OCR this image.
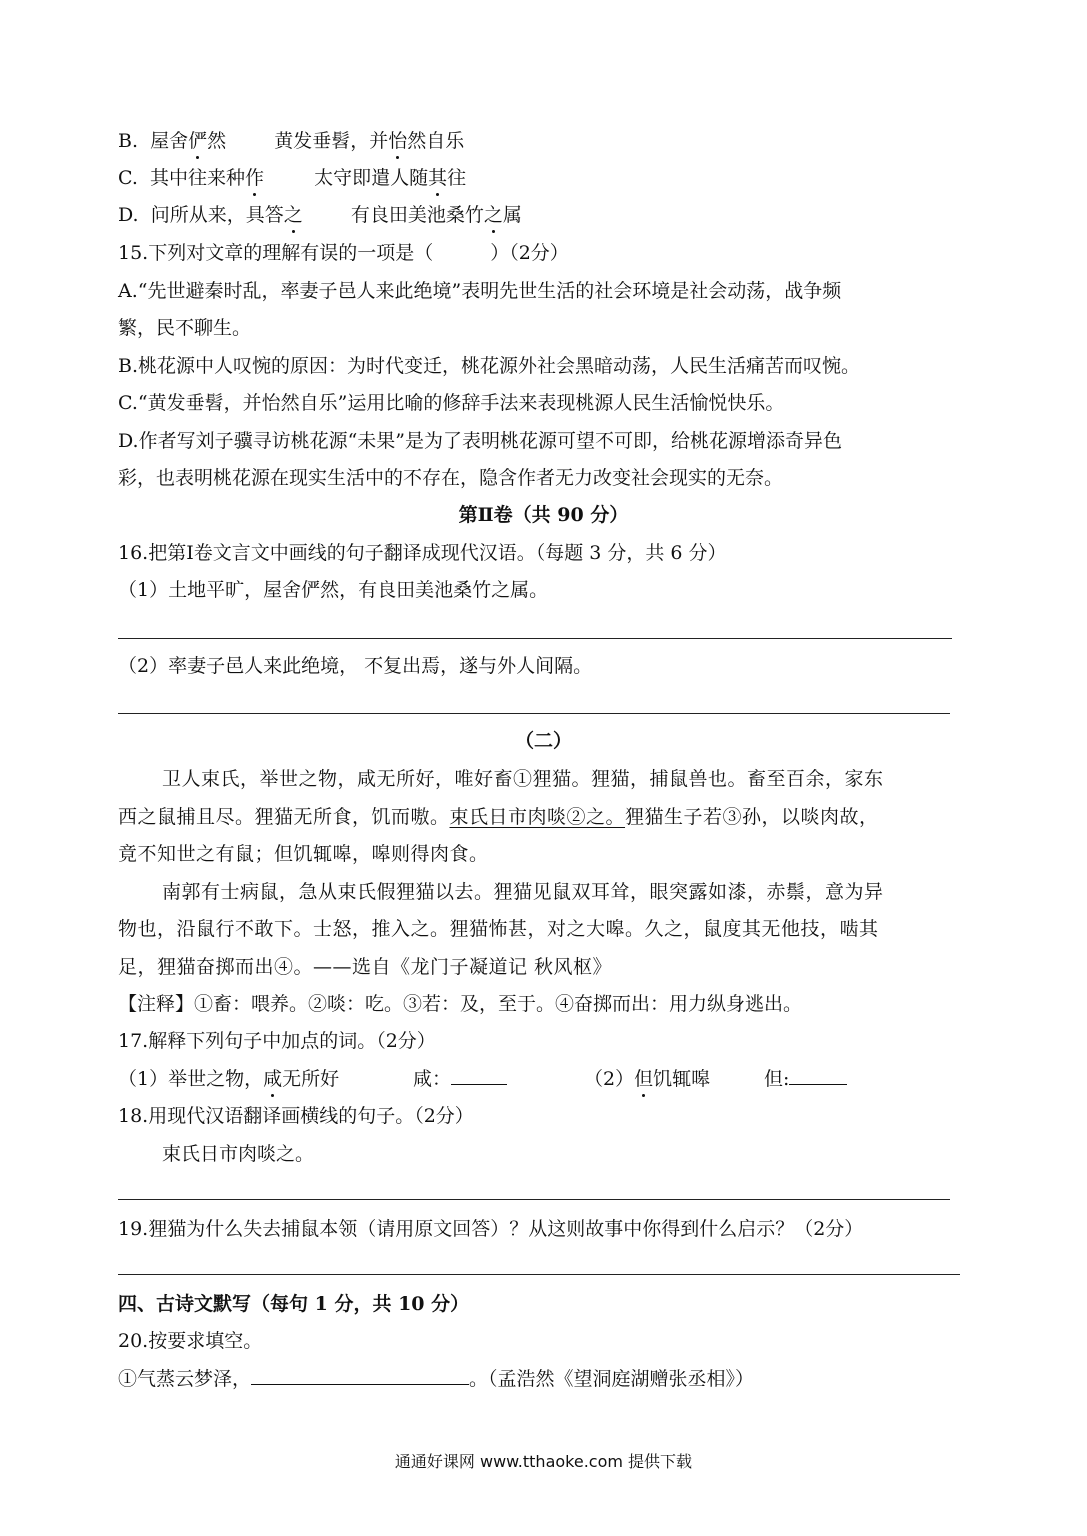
B. 屋舍俨然	黄发垂髫，并怡然自乐
C. 其中往来种作	太守即遣人随其往
D. 问所从来，具答之	有良田美池桑竹之属
15.下列对文章的理解有误的一项是（　　　）（2分）
A.“先世避秦时乱，率妻子邑人来此绝境”表明先世生活的社会环境是社会动荡，战争频
繁，民不聊生。
B.桃花源中人叹惋的原因：为时代变迁，桃花源外社会黑暗动荡，人民生活痛苦而叹惋。
C.“黄发垂髫，并怡然自乐”运用比喻的修辞手法来表现桃源人民生活愉悦快乐。
D.作者写刘子骥寻访桃花源“未果”是为了表明桃花源可望不可即，给桃花源增添奇异色
彩，也表明桃花源在现实生活中的不存在，隐含作者无力改变社会现实的无奈。
第Ⅱ卷（共 90 分）
16.把第Ⅰ卷文言文中画线的句子翻译成现代汉语。（每题 3 分，共 6 分）
（1）土地平旷，屋舍俨然，有良田美池桑竹之属。
（2）率妻子邑人来此绝境， 不复出焉，遂与外人间隔。
（二）
卫人束氏，举世之物，咸无所好，唯好畜①狸猫。狸猫，捕鼠兽也。畜至百余，家东
西之鼠捕且尽。狸猫无所食，饥而嗷。束氏日市肉啖②之。狸猫生子若③孙，以啖肉故，
竟不知世之有鼠；但饥辄嗥，嗥则得肉食。
南郭有士病鼠，急从束氏假狸猫以去。狸猫见鼠双耳耸，眼突露如漆，赤鬃，意为异
物也，沿鼠行不敢下。士怒，推入之。狸猫怖甚，对之大嗥。久之，鼠度其无他技，啮其
足，狸猫奋掷而出④。——选自《龙门子凝道记 秋风枢》
【注释】①畜：喂养。②啖：吃。③若：及，至于。④奋掷而出：用力纵身逃出。
17.解释下列句子中加点的词。（2分）
（1）举世之物，咸无所好	咸：	（2）但饥辄嗥	但:
18.用现代汉语翻译画横线的句子。（2分）
束氏日市肉啖之。
19.狸猫为什么失去捕鼠本领（请用原文回答）？从这则故事中你得到什么启示？（2分）
四、古诗文默写（每句 1 分，共 10 分）
20.按要求填空。
①气蒸云梦泽，	。（孟浩然《望洞庭湖赠张丞相》）
通通好课网 www.tthaoke.com 提供下载
